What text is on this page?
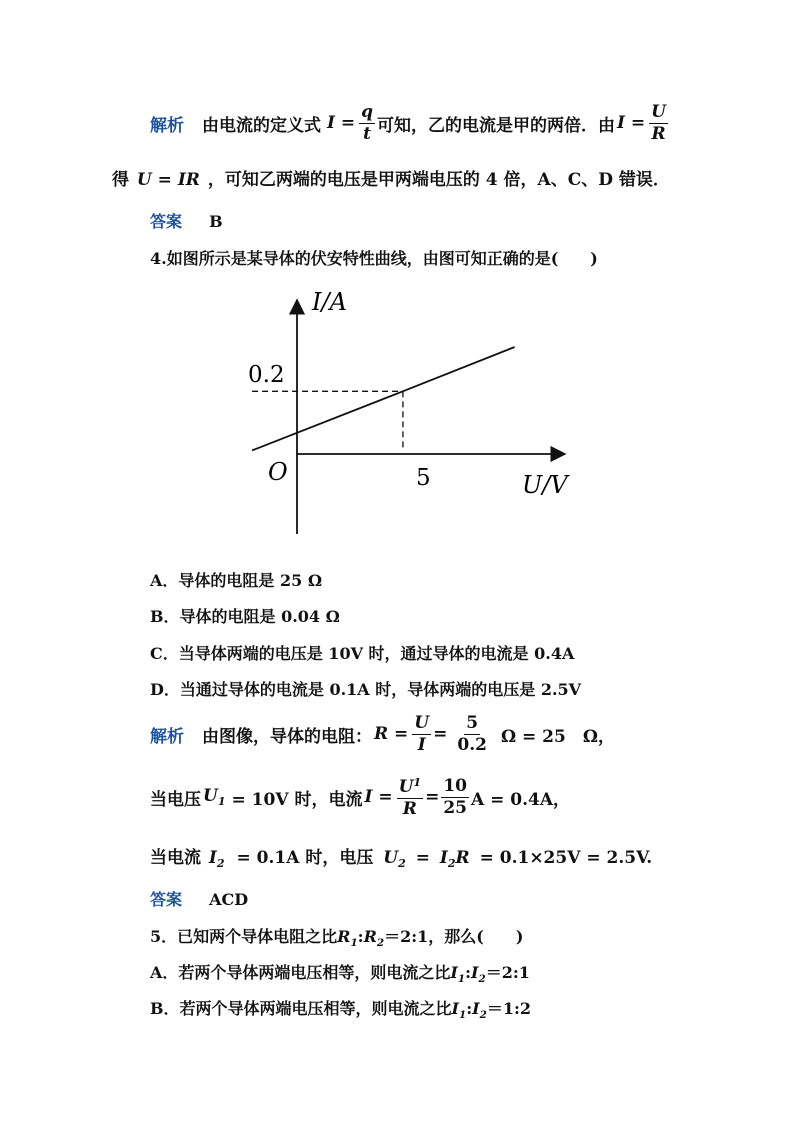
解析 由电流的定义式 $I = \frac{q}{t}$ 可知，乙的电流是甲的两倍．由 $I = \frac{U}{R}$
得 U = IR ，可知乙两端的电压是甲两端电压的 4 倍，A、C、D 错误．
答案 B
4.如图所示是某导体的伏安特性曲线，由图可知正确的是(　　)
I/A
0.2
O	5	U/V
A．导体的电阻是 25 Ω
B．导体的电阻是 0.04 Ω
C．当导体两端的电压是 10V 时，通过导体的电流是 0.4A
D．当通过导体的电流是 0.1A 时，导体两端的电压是 2.5V
解析 由图像，导体的电阻： $R = \frac{U}{I} = \frac{5}{0.2}$ Ω = 25　Ω，
当电压 $U_1 = 10V$ 时，电流 $I = \frac{U^1}{R} = \frac{10}{25}$ A = 0.4A，
当电流 $I_2 = 0.1A$ 时，电压 $U_2 = I_2R = 0.1\times 25V = 2.5V$.
答案 ACD
5．已知两个导体电阻之比$R_1:R_2=2:1$，那么(　　)
A．若两个导体两端电压相等，则电流之比$I_1:I_2=2:1$
B．若两个导体两端电压相等，则电流之比$I_1:I_2=1:2$
